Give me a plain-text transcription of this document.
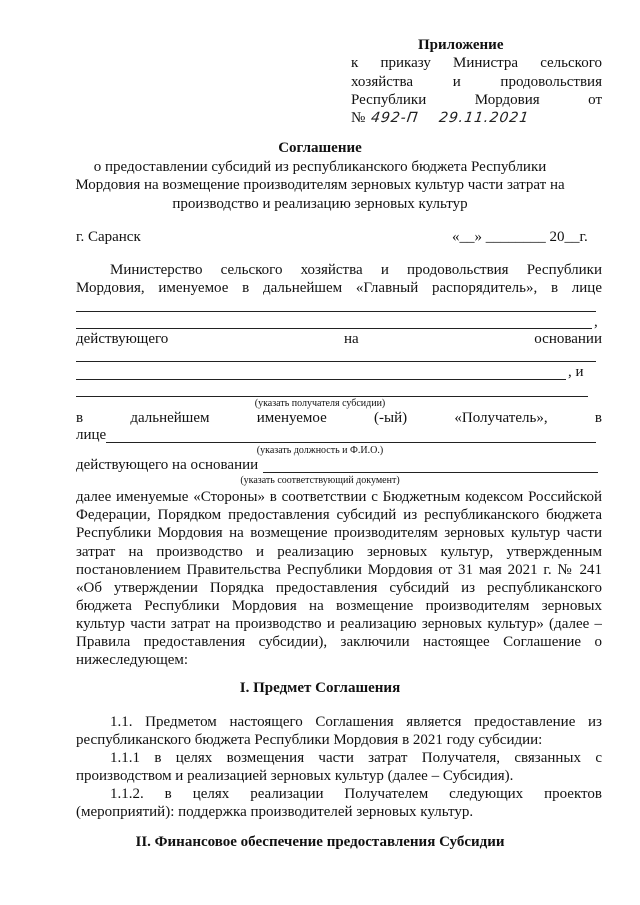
Приложение
к приказу Министра сельского
хозяйства	и	продовольствия
Республики	Мордовия	от
№ 492-П 29.11.2021
Соглашение
о предоставлении субсидий из республиканского бюджета Республики
Мордовия на возмещение производителям зерновых культур части затрат на
производство и реализацию зерновых культур
г. Саранск	«__» ________ 20__г.
Министерство сельского хозяйства и продовольствия Республики
Мордовия, именуемое в дальнейшем «Главный распорядитель», в лице
,
действующего	на	основании
, и
(указать получателя субсидии)
в	дальнейшем	именуемое	(-ый)	«Получатель»,	в
лице
(указать должность и Ф.И.О.)
действующего на основании
(указать соответствующий документ)
далее именуемые «Стороны» в соответствии с Бюджетным кодексом Российской
Федерации, Порядком предоставления субсидий из республиканского бюджета
Республики Мордовия на возмещение производителям зерновых культур части
затрат на производство и реализацию зерновых культур, утвержденным
постановлением Правительства Республики Мордовия от 31 мая 2021 г. № 241
«Об утверждении Порядка предоставления субсидий из республиканского
бюджета Республики Мордовия на возмещение производителям зерновых
культур части затрат на производство и реализацию зерновых культур» (далее –
Правила предоставления субсидии), заключили настоящее Соглашение о
нижеследующем:
I. Предмет Соглашения
1.1. Предметом настоящего Соглашения является предоставление из
республиканского бюджета Республики Мордовия в 2021 году субсидии:
1.1.1 в целях возмещения части затрат Получателя, связанных с
производством и реализацией зерновых культур (далее – Субсидия).
1.1.2. в целях реализации Получателем следующих проектов
(мероприятий): поддержка производителей зерновых культур.
II. Финансовое обеспечение предоставления Субсидии
